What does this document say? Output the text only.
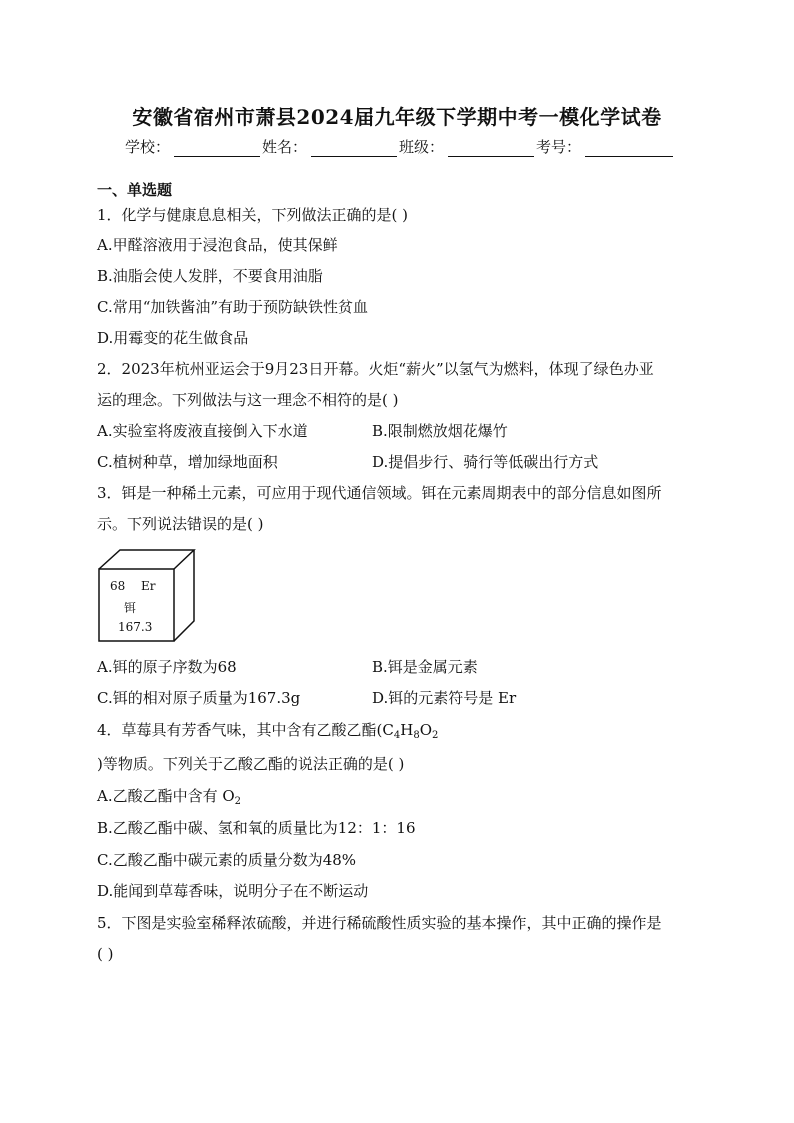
安徽省宿州市萧县2024届九年级下学期中考一模化学试卷
学校：	姓名：	班级：	考号：
一、单选题
1．化学与健康息息相关，下列做法正确的是( )
A.甲醛溶液用于浸泡食品，使其保鲜
B.油脂会使人发胖，不要食用油脂
C.常用“加铁酱油”有助于预防缺铁性贫血
D.用霉变的花生做食品
2．2023年杭州亚运会于9月23日开幕。火炬“薪火”以氢气为燃料，体现了绿色办亚
运的理念。下列做法与这一理念不相符的是( )
A.实验室将废液直接倒入下水道	B.限制燃放烟花爆竹
C.植树种草，增加绿地面积	D.提倡步行、骑行等低碳出行方式
3．铒是一种稀土元素，可应用于现代通信领域。铒在元素周期表中的部分信息如图所
示。下列说法错误的是( )
68 Er
铒
167.3
A.铒的原子序数为68	B.铒是金属元素
C.铒的相对原子质量为167.3g	D.铒的元素符号是 Er
4．草莓具有芳香气味，其中含有乙酸乙酯($C_4H_8O_2$
)等物质。下列关于乙酸乙酯的说法正确的是( )
A.乙酸乙酯中含有 $O_2$
B.乙酸乙酯中碳、氢和氧的质量比为12：1：16
C.乙酸乙酯中碳元素的质量分数为48%
D.能闻到草莓香味，说明分子在不断运动
5．下图是实验室稀释浓硫酸，并进行稀硫酸性质实验的基本操作，其中正确的操作是
( )
